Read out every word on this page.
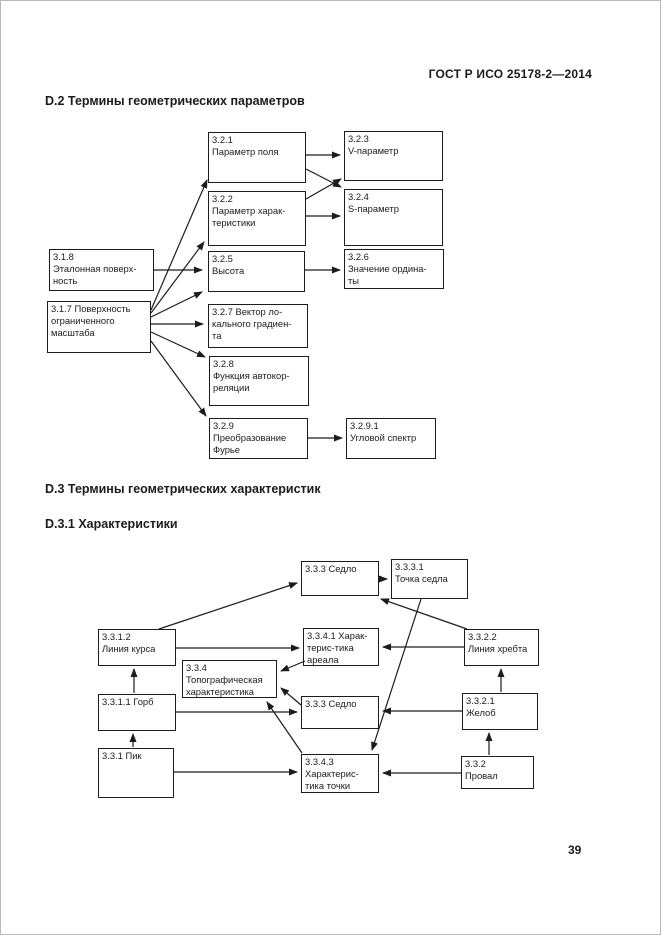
ГОСТ Р ИСО 25178-2—2014
D.2 Термины геометрических параметров
D.3 Термины геометрических характеристик
D.3.1 Характеристики
3.1.8
Эталонная поверх-
ность
3.1.7 Поверхность
ограниченного
масштаба
3.2.1
Параметр поля
3.2.3
V-параметр
3.2.2
Параметр харак-
теристики
3.2.4
S-параметр
3.2.5
Высота
3.2.6
Значение ордина-
ты
3.2.7 Вектор ло-
кального градиен-
та
3.2.8
Функция автокор-
реляции
3.2.9
Преобразование
Фурье
3.2.9.1
Угловой спектр
3.3.3 Седло	3.3.3.1
Точка седла
3.3.1.2
Линия курса
3.3.4.1 Харак-
терис-тика
ареала
3.3.2.2
Линия хребта
3.3.4
Топографическая
характеристика
3.3.1.1 Горб	3.3.3 Седло	3.3.2.1
Желоб
3.3.1 Пик
3.3.4.3
Характерис-
тика точки
3.3.2
Провал
39
